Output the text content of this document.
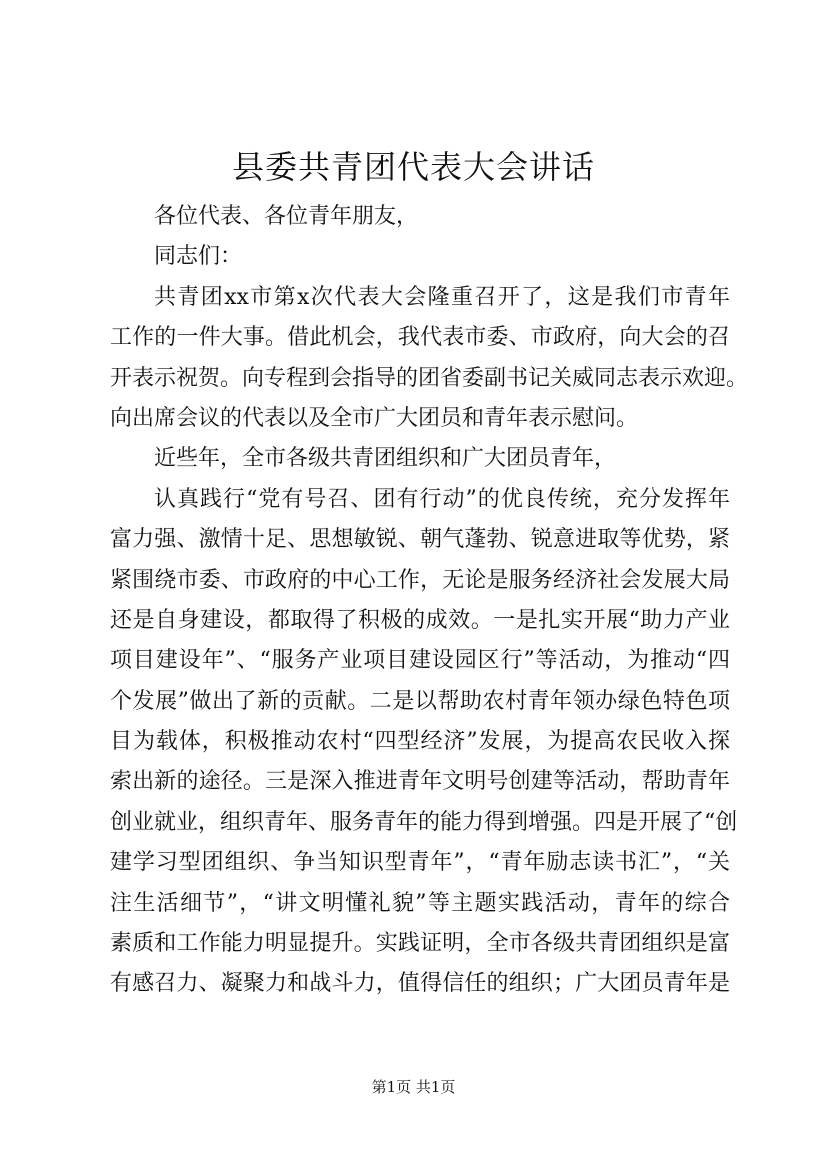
县委共青团代表大会讲话
各位代表、各位青年朋友，
同志们：
共青团xx市第x次代表大会隆重召开了，这是我们市青年
工作的一件大事。借此机会，我代表市委、市政府，向大会的召
开表示祝贺。向专程到会指导的团省委副书记关威同志表示欢迎。
向出席会议的代表以及全市广大团员和青年表示慰问。
近些年，全市各级共青团组织和广大团员青年，
认真践行“党有号召、团有行动”的优良传统，充分发挥年
富力强、激情十足、思想敏锐、朝气蓬勃、锐意进取等优势，紧
紧围绕市委、市政府的中心工作，无论是服务经济社会发展大局
还是自身建设，都取得了积极的成效。一是扎实开展“助力产业
项目建设年”、“服务产业项目建设园区行”等活动，为推动“四
个发展”做出了新的贡献。二是以帮助农村青年领办绿色特色项
目为载体，积极推动农村“四型经济”发展，为提高农民收入探
索出新的途径。三是深入推进青年文明号创建等活动，帮助青年
创业就业，组织青年、服务青年的能力得到增强。四是开展了“创
建学习型团组织、争当知识型青年”，“青年励志读书汇”，“关
注生活细节”，“讲文明懂礼貌”等主题实践活动，青年的综合
素质和工作能力明显提升。实践证明，全市各级共青团组织是富
有感召力、凝聚力和战斗力，值得信任的组织；广大团员青年是
第1页 共1页
